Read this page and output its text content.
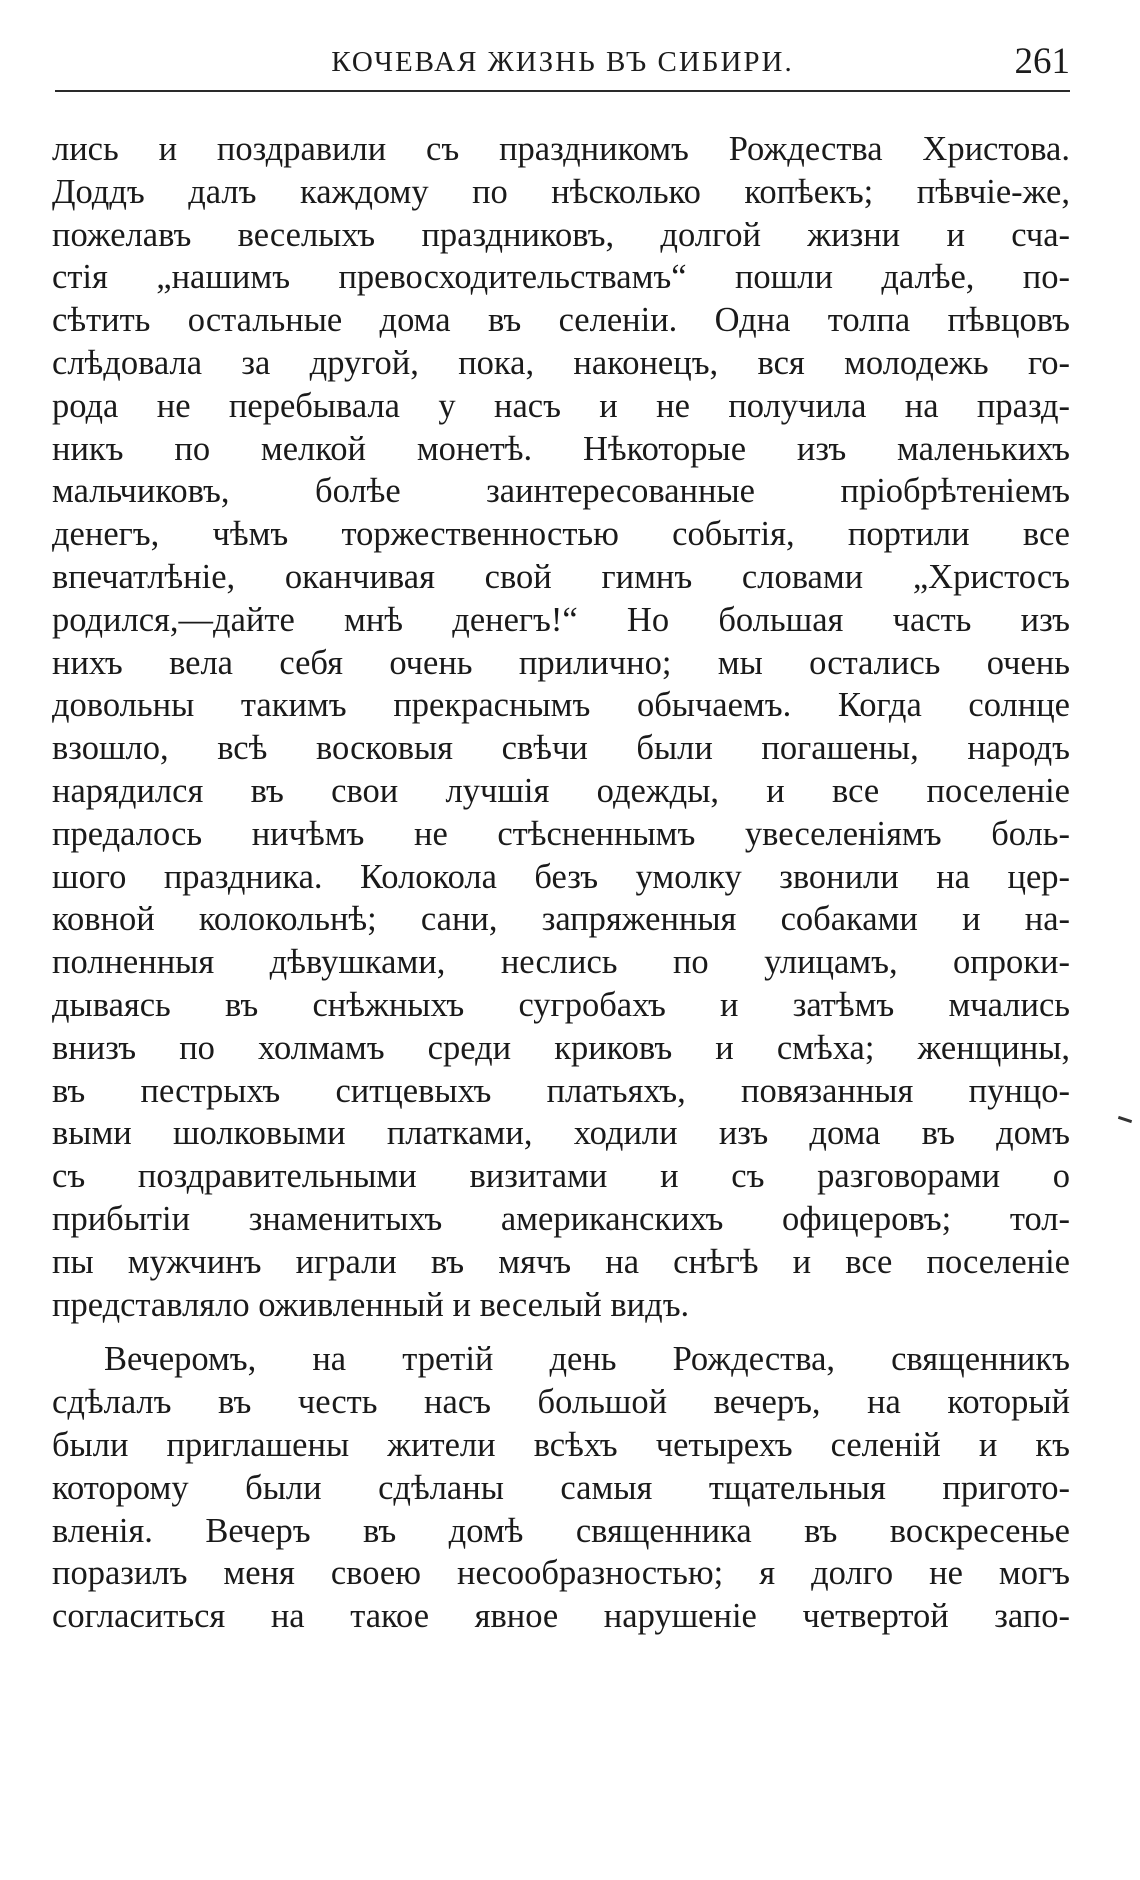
КОЧЕВАЯ ЖИЗНЬ ВЪ СИБИРИ.	261
лись и поздравили съ праздникомъ Рождества Христова.
Доддъ далъ каждому по нѣсколько копѣекъ; пѣвчіе-же,
пожелавъ веселыхъ праздниковъ, долгой жизни и сча-
стія „нашимъ превосходительствамъ“ пошли далѣе, по-
сѣтить остальные дома въ селеніи. Одна толпа пѣвцовъ
слѣдовала за другой, пока, наконецъ, вся молодежь го-
рода не перебывала у насъ и не получила на празд-
никъ по мелкой монетѣ. Нѣкоторые изъ маленькихъ
мальчиковъ, болѣе заинтересованные пріобрѣтеніемъ
денегъ, чѣмъ торжественностью событія, портили все
впечатлѣніе, оканчивая свой гимнъ словами „Христосъ
родился,—дайте мнѣ денегъ!“ Но большая часть изъ
нихъ вела себя очень прилично; мы остались очень
довольны такимъ прекраснымъ обычаемъ. Когда солнце
взошло, всѣ восковыя свѣчи были погашены, народъ
нарядился въ свои лучшія одежды, и все поселеніе
предалось ничѣмъ не стѣсненнымъ увеселеніямъ боль-
шого праздника. Колокола безъ умолку звонили на цер-
ковной колокольнѣ; сани, запряженныя собаками и на-
полненныя дѣвушками, неслись по улицамъ, опроки-
дываясь въ снѣжныхъ сугробахъ и затѣмъ мчались
внизъ по холмамъ среди криковъ и смѣха; женщины,
въ пестрыхъ ситцевыхъ платьяхъ, повязанныя пунцо-
выми шолковыми платками, ходили изъ дома въ домъ
съ поздравительными визитами и съ разговорами о
прибытіи знаменитыхъ американскихъ офицеровъ; тол-
пы мужчинъ играли въ мячъ на снѣгѣ и все поселеніе
представляло оживленный и веселый видъ.
Вечеромъ, на третій день Рождества, священникъ
сдѣлалъ въ честь насъ большой вечеръ, на который
были приглашены жители всѣхъ четырехъ селеній и къ
которому были сдѣланы самыя тщательныя пригото-
вленія. Вечеръ въ домѣ священника въ воскресенье
поразилъ меня своею несообразностью; я долго не могъ
согласиться на такое явное нарушеніе четвертой запо-
